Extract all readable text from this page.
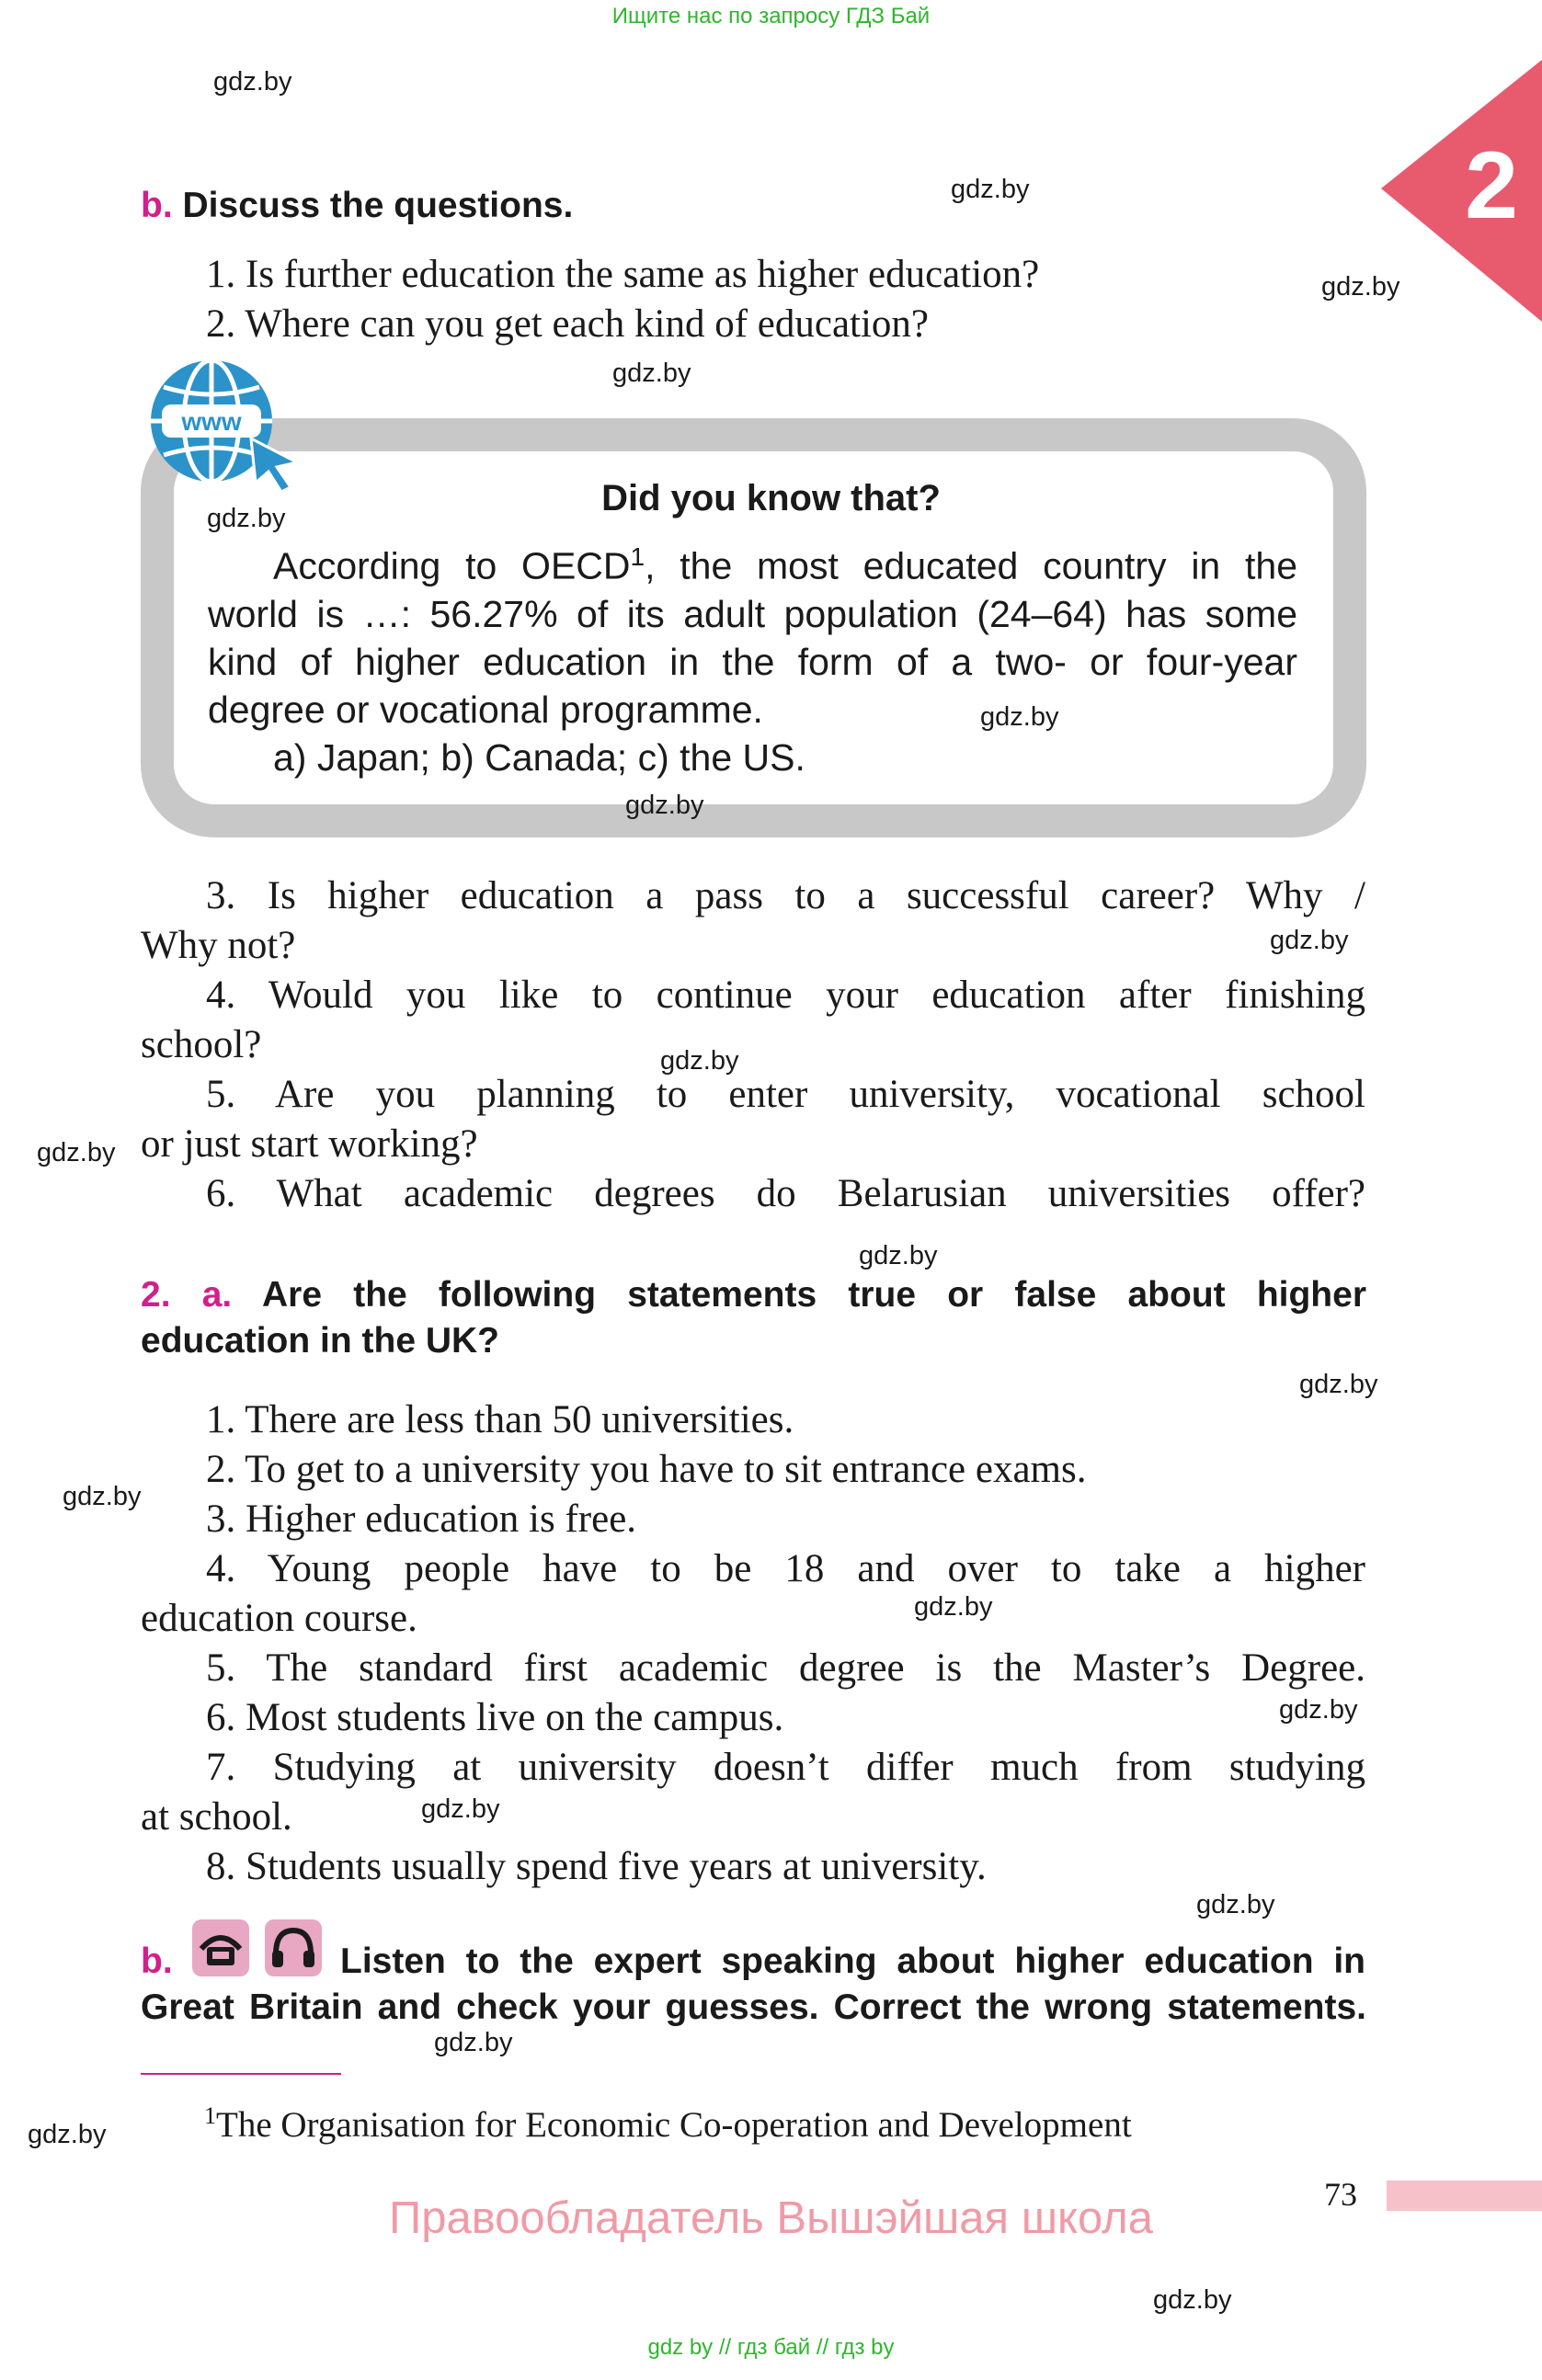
Ищите нас по запросу ГДЗ Бай
2
gdz.by
gdz.by
gdz.by
gdz.by
b. Discuss the questions.
1. Is further education the same as higher education?
2. Where can you get each kind of education?
www
Did you know that?
gdz.by
According to OECD$^1$, the most educated country in the
world is …: 56.27% of its adult population (24–64) has some
kind of higher education in the form of a two- or four-year
degree or vocational programme.
a) Japan; b) Canada; c) the US.
gdz.by
gdz.by
3. Is higher education a pass to a successful career? Why /
Why not?	gdz.by
4. Would you like to continue your education after finishing
school?	gdz.by
5. Are you planning to enter university, vocational school
gdz.by or just start working?
6. What academic degrees do Belarusian universities offer?
gdz.by
2. a. Are the following statements true or false about higher
education in the UK?
gdz.by
1. There are less than 50 universities.
2. To get to a university you have to sit entrance exams.
gdz.by
3. Higher education is free.
4. Young people have to be 18 and over to take a higher
education course.	gdz.by
5. The standard first academic degree is the Master’s Degree.
6. Most students live on the campus.	gdz.by
7. Studying at university doesn’t differ much from studying
at school.	gdz.by
8. Students usually spend five years at university.
gdz.by
b.	Listen to the expert speaking about higher education in
Great Britain and check your guesses. Correct the wrong statements.
gdz.by
$^1$The Organisation for Economic Co-operation and Development
gdz.by
73
Правообладатель Вышэйшая школа
gdz.by
gdz by // гдз бай // гдз by
